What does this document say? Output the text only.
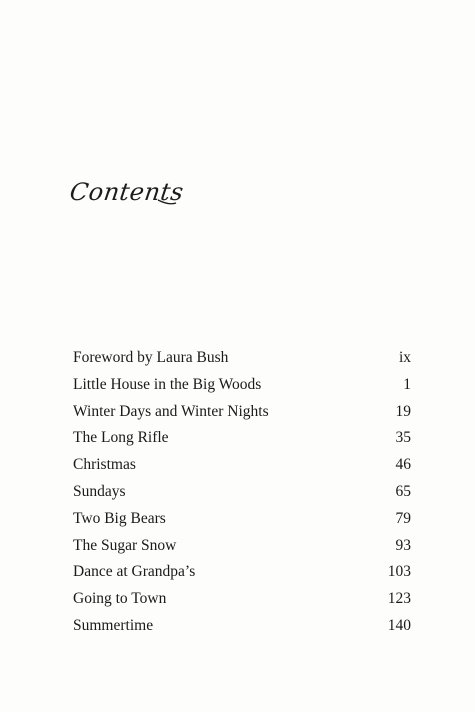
Contents
Foreword by Laura Bush	ix
Little House in the Big Woods	1
Winter Days and Winter Nights	19
The Long Rifle	35
Christmas	46
Sundays	65
Two Big Bears	79
The Sugar Snow	93
Dance at Grandpa’s	103
Going to Town	123
Summertime	140
